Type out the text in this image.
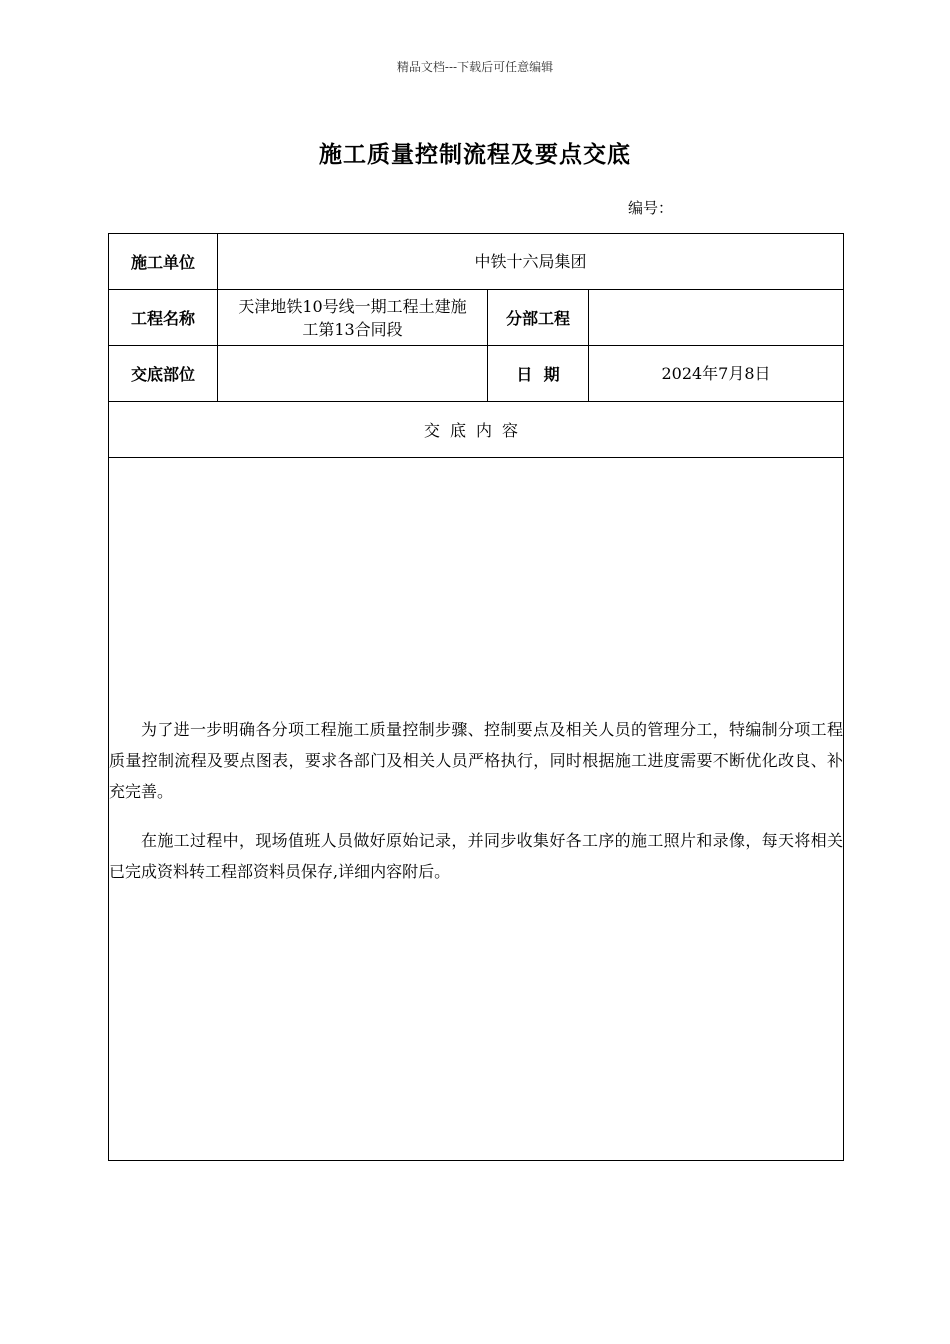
精品文档---下载后可任意编辑
施工质量控制流程及要点交底
编号：
施工单位	中铁十六局集团		
工程名称	天津地铁10号线一期工程土建施工第13合同段	分部工程	
交底部位		日  期	2024年7月8日
交底内容			

为了进一步明确各分项工程施工质量控制步骤、控制要点及相关人员的管理分工，特编制分项工程质量控制流程及要点图表，要求各部门及相关人员严格执行，同时根据施工进度需要不断优化改良、补充完善。

在施工过程中，现场值班人员做好原始记录，并同步收集好各工序的施工照片和录像，每天将相关已完成资料转工程部资料员保存,详细内容附后。			
